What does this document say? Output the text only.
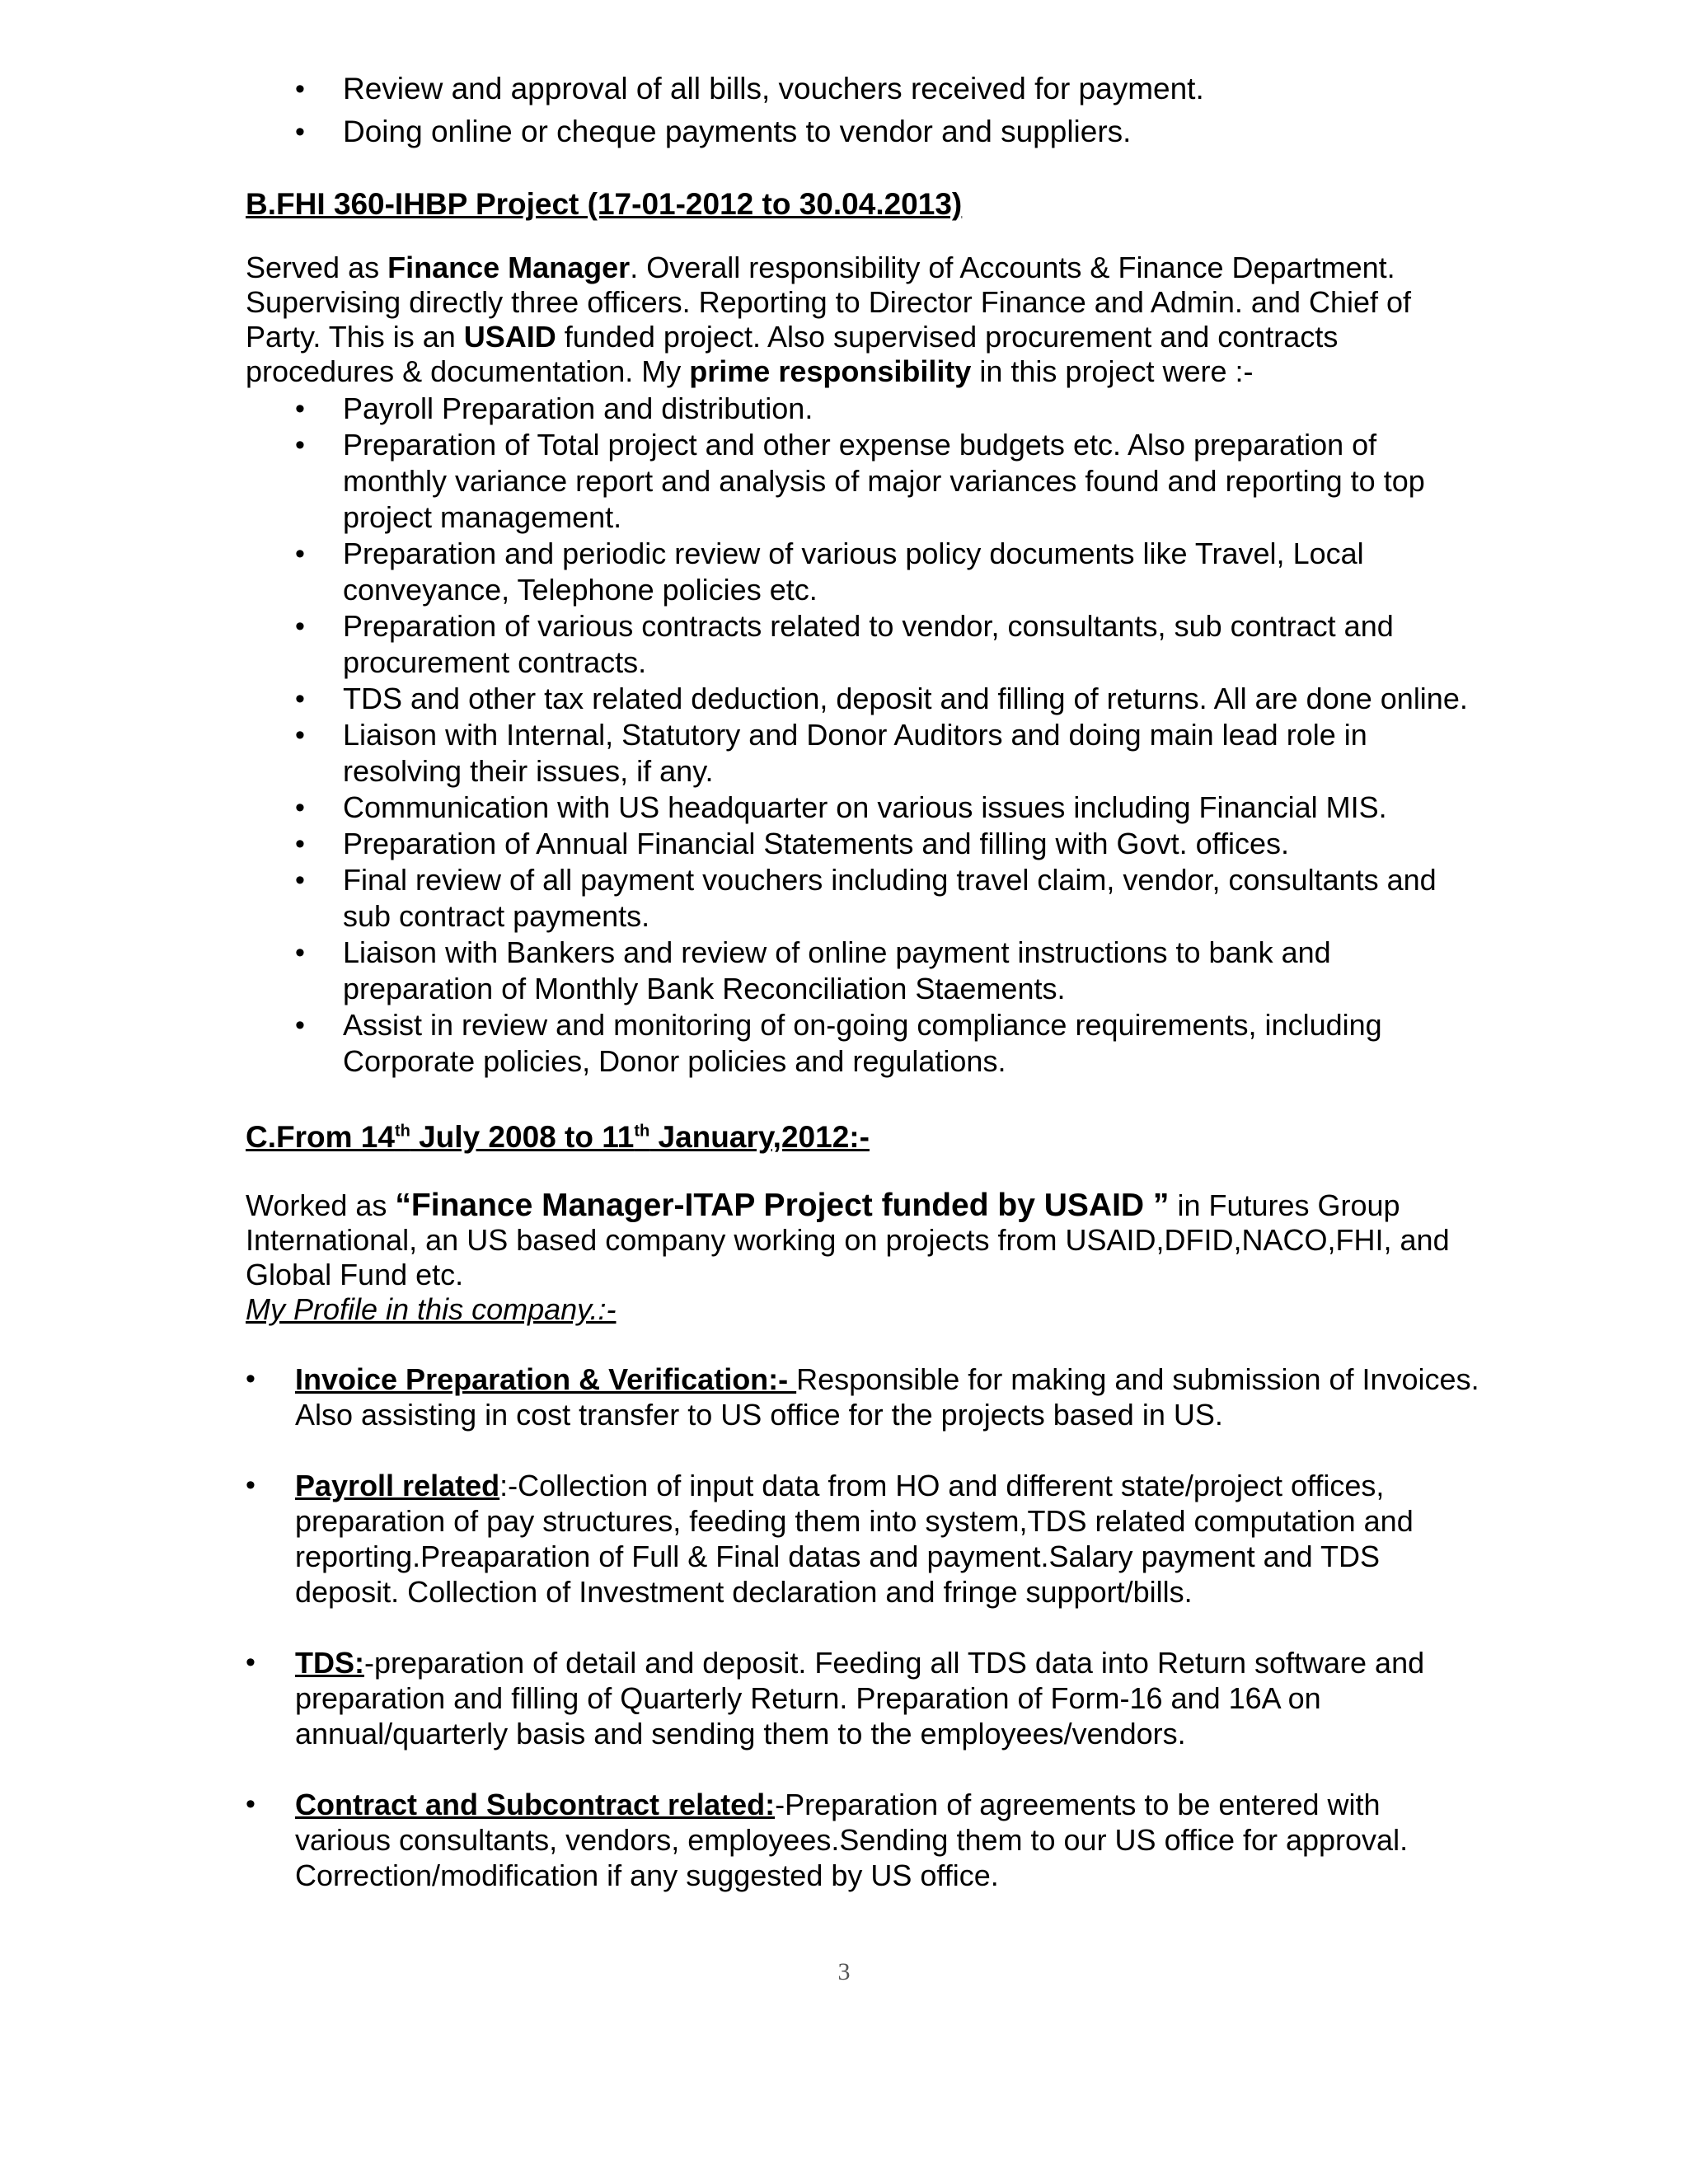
• Review and approval of all bills, vouchers received for payment.
• Doing online or cheque payments to vendor and suppliers.

B.FHI 360-IHBP Project (17-01-2012 to 30.04.2013)

Served as Finance Manager. Overall responsibility of Accounts & Finance Department. Supervising directly three officers. Reporting to Director Finance and Admin. and Chief of Party. This is an USAID funded project. Also supervised procurement and contracts procedures & documentation. My prime responsibility in this project were :-

• Payroll Preparation and distribution.
• Preparation of Total project and other expense budgets etc. Also preparation of monthly variance report and analysis of major variances found and reporting to top project management.
• Preparation and periodic review of various policy documents like Travel, Local conveyance, Telephone policies etc.
• Preparation of various contracts related to vendor, consultants, sub contract and procurement contracts.
• TDS and other tax related deduction, deposit and filling of returns. All are done online.
• Liaison with Internal, Statutory and Donor Auditors and doing main lead role in resolving their issues, if any.
• Communication with US headquarter on various issues including Financial MIS.
• Preparation of Annual Financial Statements and filling with Govt. offices.
• Final review of all payment vouchers including travel claim, vendor, consultants and sub contract payments.
• Liaison with Bankers and review of online payment instructions to bank and preparation of Monthly Bank Reconciliation Staements.
• Assist in review and monitoring of on-going compliance requirements, including Corporate policies, Donor policies and regulations.

C.From 14th July 2008 to 11th January,2012:-

Worked as “Finance Manager-ITAP Project funded by USAID ” in Futures Group International, an US based company working on projects from USAID,DFID,NACO,FHI, and Global Fund etc.

My Profile in this company.:-

• Invoice Preparation & Verification:- Responsible for making and submission of Invoices. Also assisting in cost transfer to US office for the projects based in US.
• Payroll related:-Collection of input data from HO and different state/project offices, preparation of pay structures, feeding them into system,TDS related computation and reporting.Preaparation of Full & Final datas and payment.Salary payment and TDS deposit. Collection of Investment declaration and fringe support/bills.
• TDS:-preparation of detail and deposit. Feeding all TDS data into Return software and preparation and filling of Quarterly Return. Preparation of Form-16 and 16A on annual/quarterly basis and sending them to the employees/vendors.
• Contract and Subcontract related:-Preparation of agreements to be entered with various consultants, vendors, employees.Sending them to our US office for approval. Correction/modification if any suggested by US office.
3
